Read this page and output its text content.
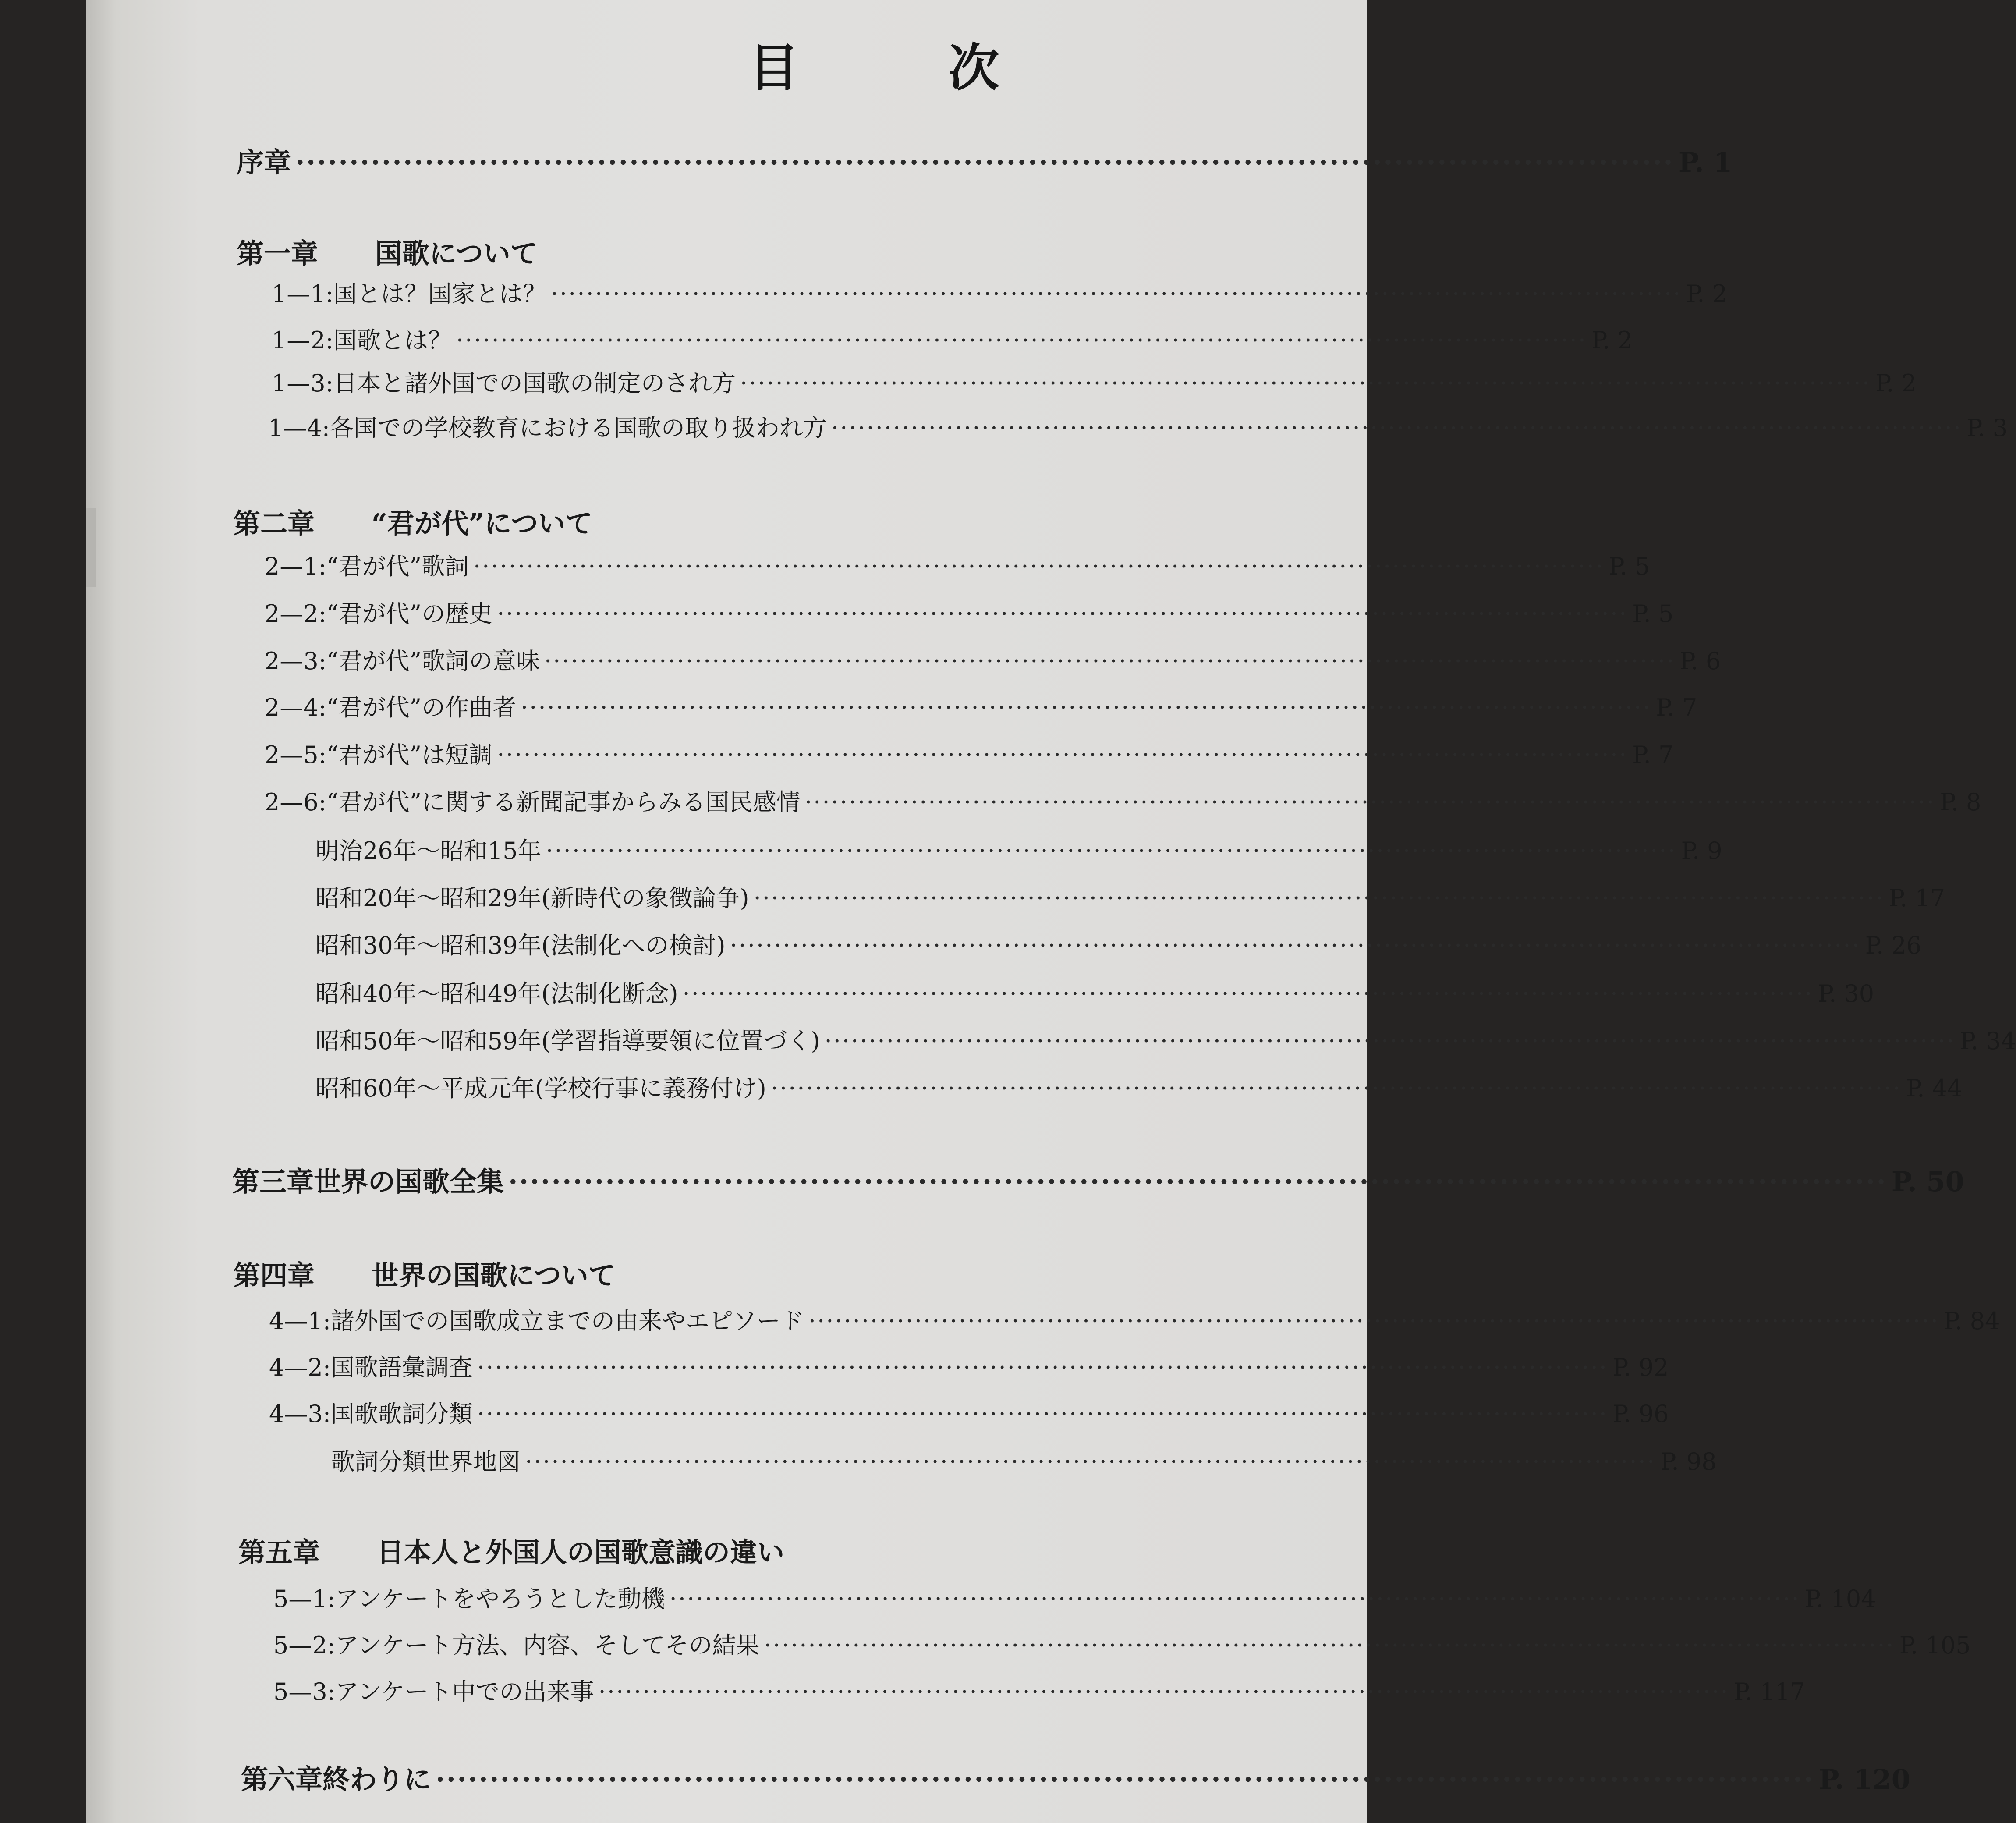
目 次
序章 ································································································································ P. 1
第一章	国歌について
1—1: 国とは？国家とは？ ································································································································ P. 2
1—2: 国歌とは？ ································································································································ P. 2
1—3: 日本と諸外国での国歌の制定のされ方 ································································································································ P. 2
1—4: 各国での学校教育における国歌の取り扱われ方 ································································································································ P. 3
第二章	“君が代”について
2—1: “君が代”歌詞 ································································································································ P. 5
2—2: “君が代”の歴史 ································································································································ P. 5
2—3: “君が代”歌詞の意味 ································································································································ P. 6
2—4: “君が代”の作曲者 ································································································································ P. 7
2—5: “君が代”は短調 ································································································································ P. 7
2—6: “君が代”に関する新聞記事からみる国民感情 ································································································································ P. 8
明治26年～昭和15年 ································································································································ P. 9
昭和20年～昭和29年(新時代の象徴論争) ································································································································ P. 17
昭和30年～昭和39年(法制化への検討) ································································································································ P. 26
昭和40年～昭和49年(法制化断念) ································································································································ P. 30
昭和50年～昭和59年(学習指導要領に位置づく) ································································································································ P. 34
昭和60年～平成元年(学校行事に義務付け) ································································································································ P. 44
第三章 世界の国歌全集 ································································································································ P. 50
第四章	世界の国歌について
4—1: 諸外国での国歌成立までの由来やエピソード ································································································································ P. 84
4—2: 国歌語彙調査 ································································································································ P. 92
4—3: 国歌歌詞分類 ································································································································ P. 96
歌詞分類世界地図 ································································································································ P. 98
第五章	日本人と外国人の国歌意識の違い
5—1: アンケートをやろうとした動機 ································································································································ P. 104
5—2: アンケート方法、内容、そしてその結果 ································································································································ P. 105
5—3: アンケート中での出来事 ································································································································ P. 117
第六章 終わりに ································································································································ P. 120
